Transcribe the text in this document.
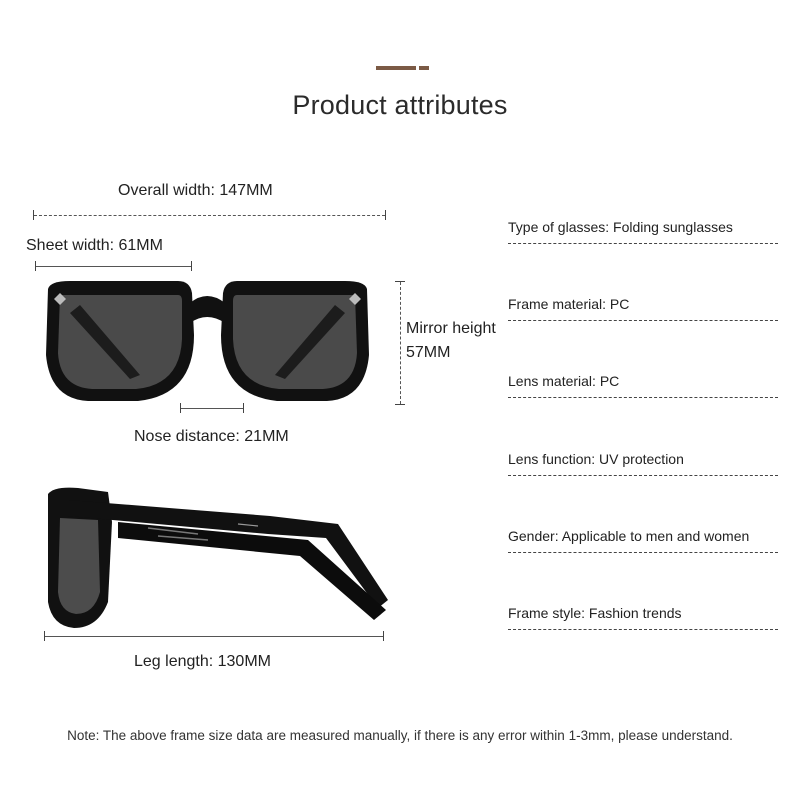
Product attributes
Overall width: 147MM
Sheet width: 61MM
Mirror height
57MM
Nose distance: 21MM
Leg length: 130MM
Type of glasses: Folding sunglasses
Frame material: PC
Lens material: PC
Lens function: UV protection
Gender: Applicable to men and women
Frame style: Fashion trends
Note: The above frame size data are measured manually, if there is any error within 1-3mm, please understand.
